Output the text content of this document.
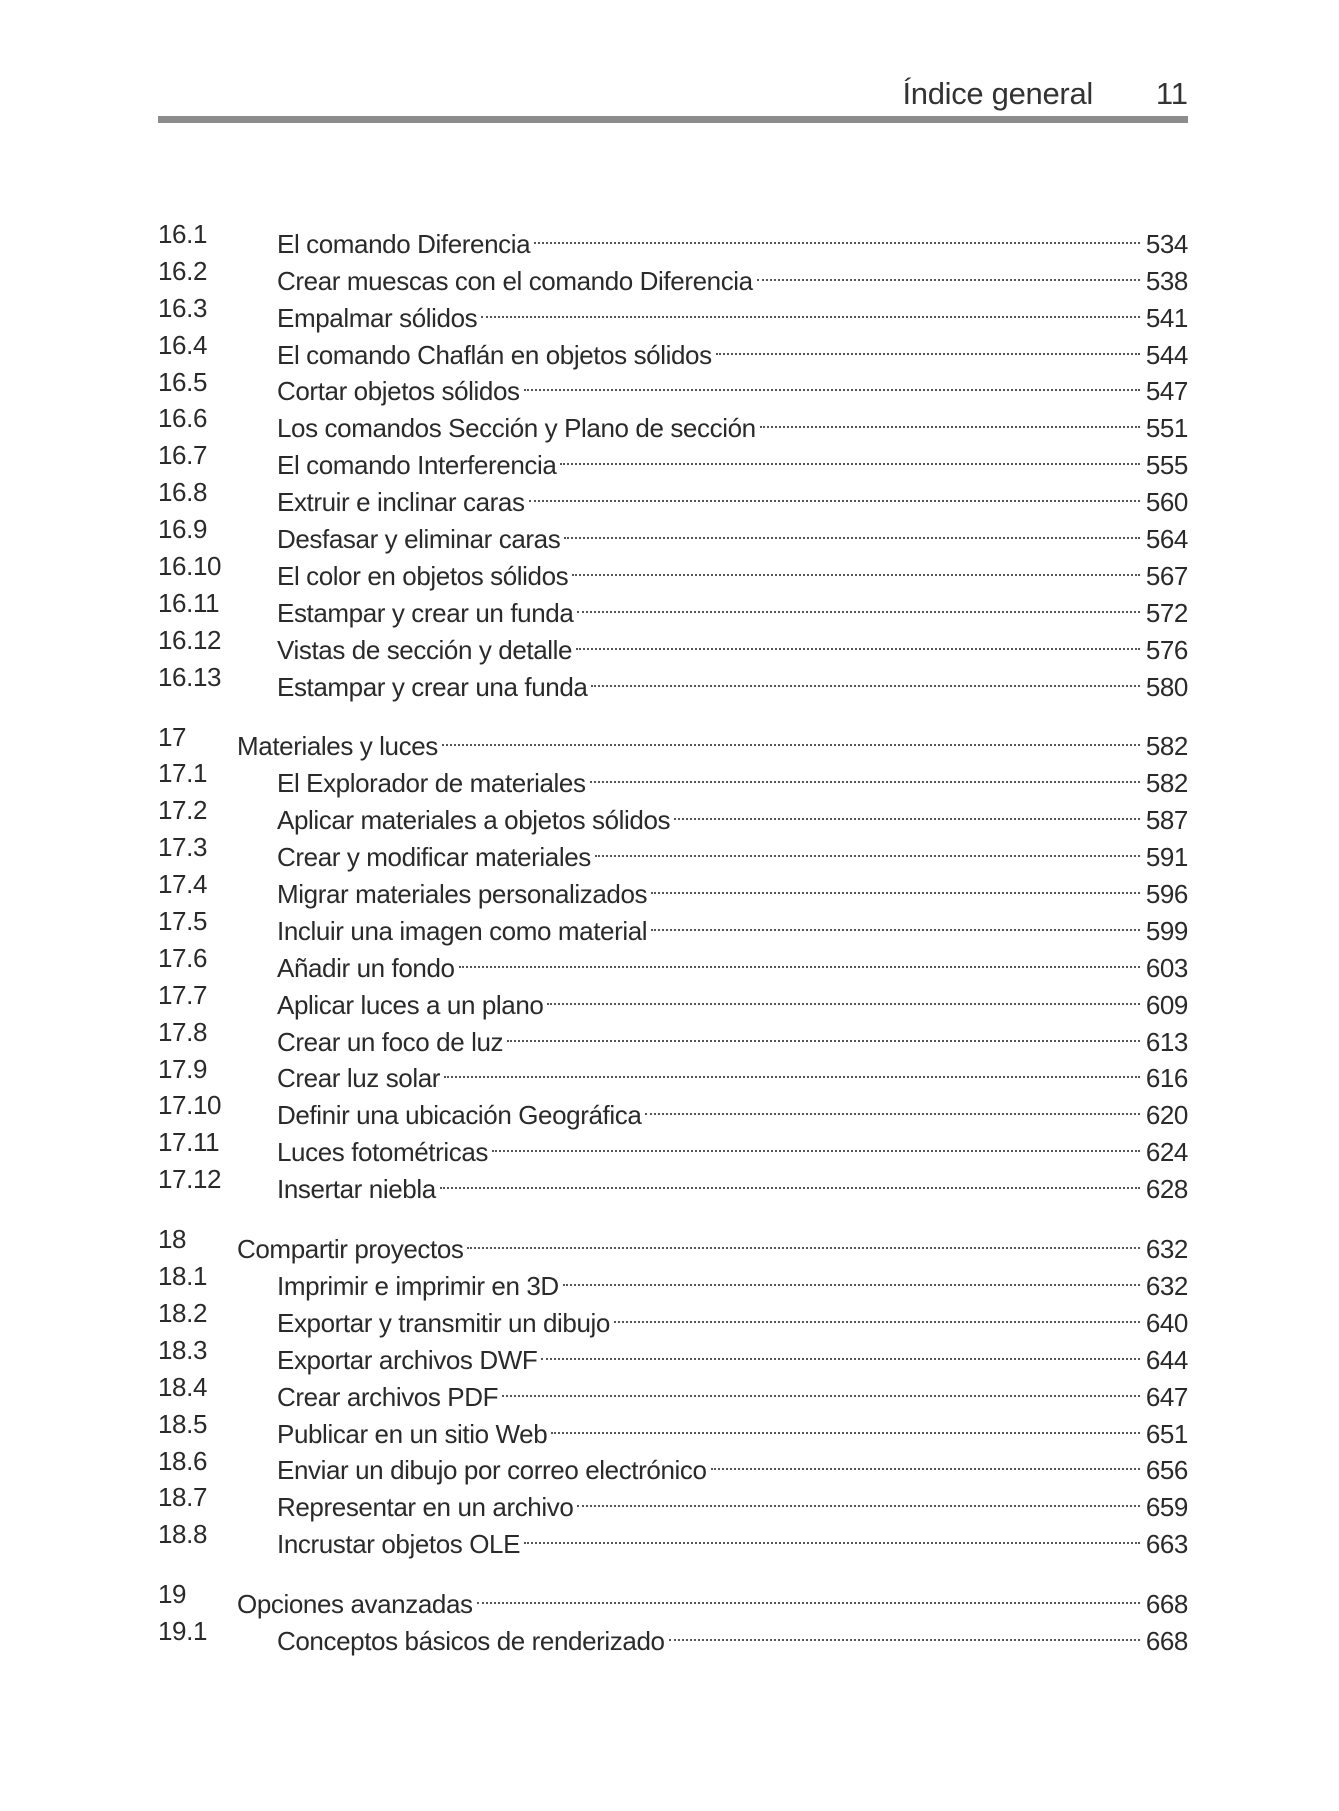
Índice general 11
16.1	El comando Diferencia	534
16.2	Crear muescas con el comando Diferencia	538
16.3	Empalmar sólidos	541
16.4	El comando Chaflán en objetos sólidos	544
16.5	Cortar objetos sólidos	547
16.6	Los comandos Sección y Plano de sección	551
16.7	El comando Interferencia	555
16.8	Extruir e inclinar caras	560
16.9	Desfasar y eliminar caras	564
16.10 El color en objetos sólidos	567
16.11 Estampar y crear un funda	572
16.12 Vistas de sección y detalle	576
16.13 Estampar y crear una funda	580
17 Materiales y luces	582
17.1	El Explorador de materiales	582
17.2	Aplicar materiales a objetos sólidos	587
17.3	Crear y modificar materiales	591
17.4	Migrar materiales personalizados	596
17.5	Incluir una imagen como material	599
17.6	Añadir un fondo	603
17.7	Aplicar luces a un plano	609
17.8	Crear un foco de luz	613
17.9	Crear luz solar	616
17.10 Definir una ubicación Geográfica	620
17.11 Luces fotométricas	624
17.12 Insertar niebla	628
18 Compartir proyectos	632
18.1	Imprimir e imprimir en 3D	632
18.2	Exportar y transmitir un dibujo	640
18.3	Exportar archivos DWF	644
18.4	Crear archivos PDF	647
18.5	Publicar en un sitio Web	651
18.6	Enviar un dibujo por correo electrónico	656
18.7	Representar en un archivo	659
18.8	Incrustar objetos OLE	663
19 Opciones avanzadas	668
19.1	Conceptos básicos de renderizado	668
